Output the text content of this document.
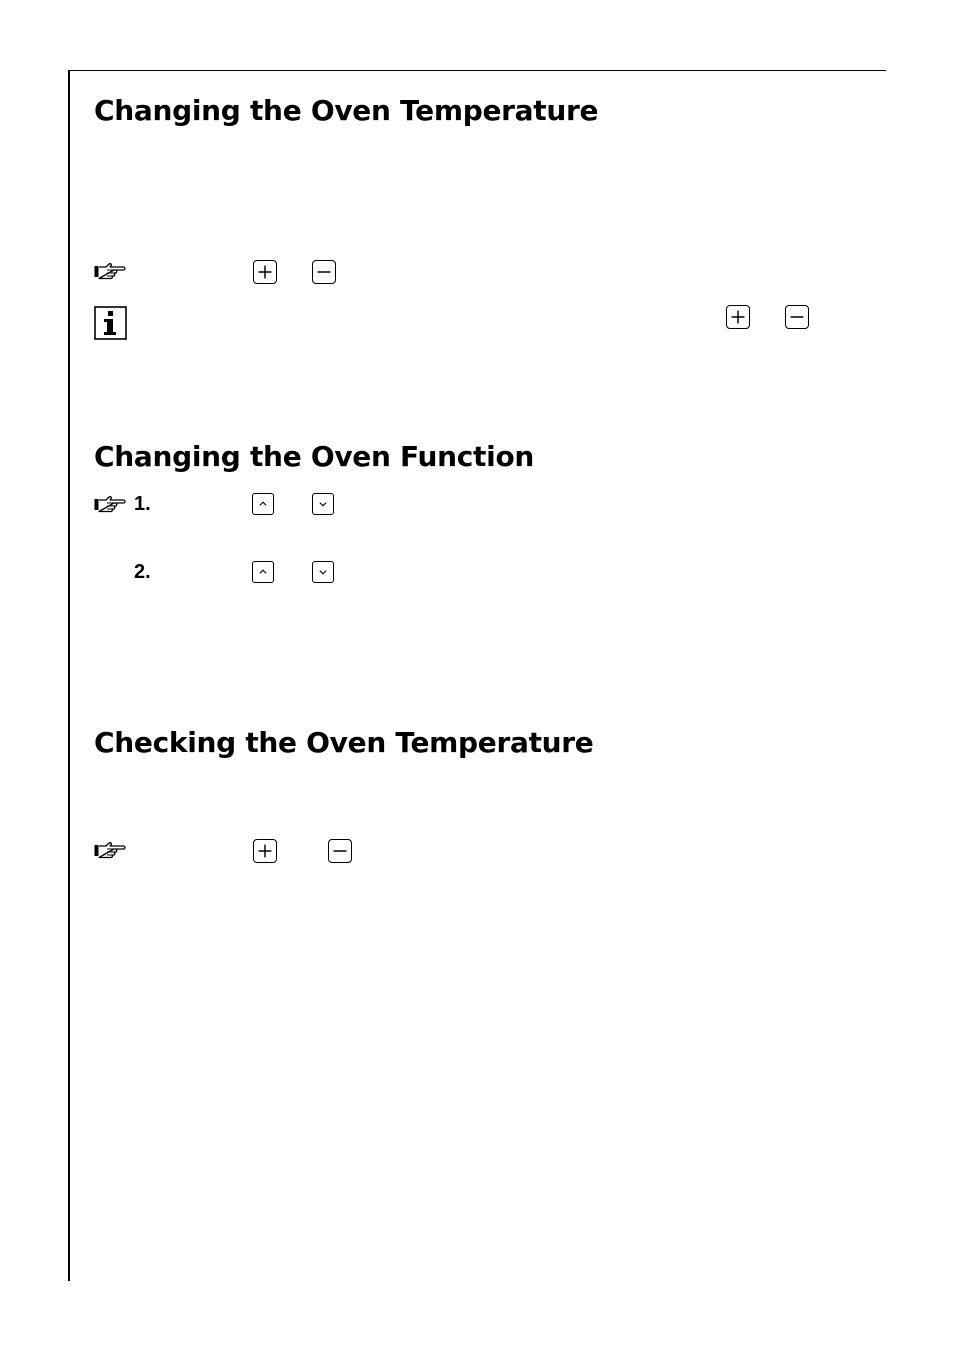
Changing the Oven Temperature
Changing the Oven Function
1.
2.
Checking the Oven Temperature
